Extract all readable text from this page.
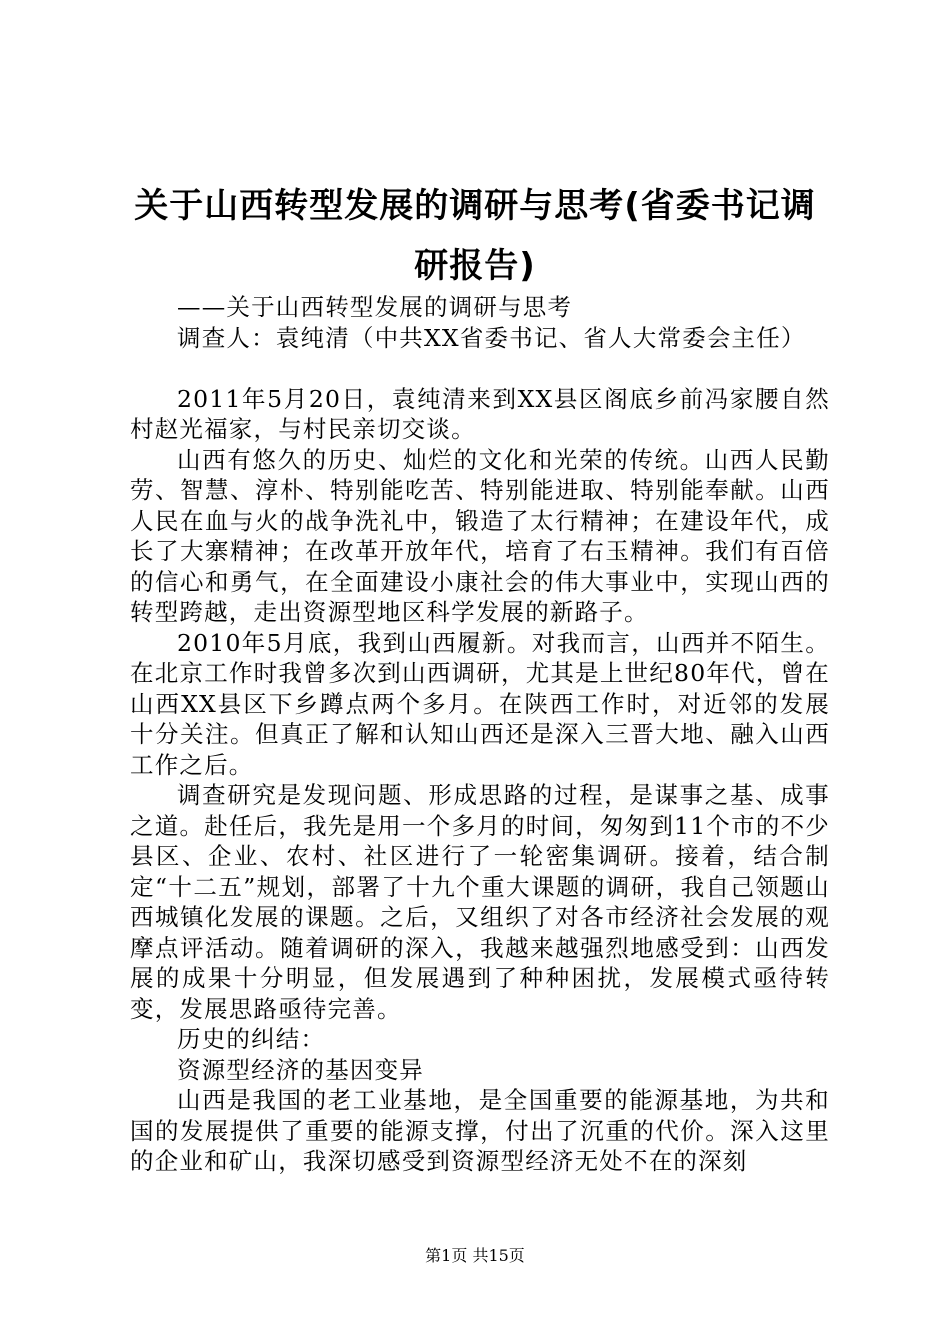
关于山西转型发展的调研与思考(省委书记调研报告)

——关于山西转型发展的调研与思考

调查人：袁纯清（中共XX省委书记、省人大常委会主任）

2011年5月20日，袁纯清来到XX县区阁底乡前冯家腰自然村赵光福家，与村民亲切交谈。

山西有悠久的历史、灿烂的文化和光荣的传统。山西人民勤劳、智慧、淳朴、特别能吃苦、特别能进取、特别能奉献。山西人民在血与火的战争洗礼中，锻造了太行精神；在建设年代，成长了大寨精神；在改革开放年代，培育了右玉精神。我们有百倍的信心和勇气，在全面建设小康社会的伟大事业中，实现山西的转型跨越，走出资源型地区科学发展的新路子。

2010年5月底，我到山西履新。对我而言，山西并不陌生。在北京工作时我曾多次到山西调研，尤其是上世纪80年代，曾在山西XX县区下乡蹲点两个多月。在陕西工作时，对近邻的发展十分关注。但真正了解和认知山西还是深入三晋大地、融入山西工作之后。

调查研究是发现问题、形成思路的过程，是谋事之基、成事之道。赴任后，我先是用一个多月的时间，匆匆到11个市的不少县区、企业、农村、社区进行了一轮密集调研。接着，结合制定“十二五”规划，部署了十九个重大课题的调研，我自己领题山西城镇化发展的课题。之后，又组织了对各市经济社会发展的观摩点评活动。随着调研的深入，我越来越强烈地感受到：山西发展的成果十分明显，但发展遇到了种种困扰，发展模式亟待转变，发展思路亟待完善。

历史的纠结：

资源型经济的基因变异

山西是我国的老工业基地，是全国重要的能源基地，为共和国的发展提供了重要的能源支撑，付出了沉重的代价。深入这里的企业和矿山，我深切感受到资源型经济无处不在的深刻

第1页 共15页
